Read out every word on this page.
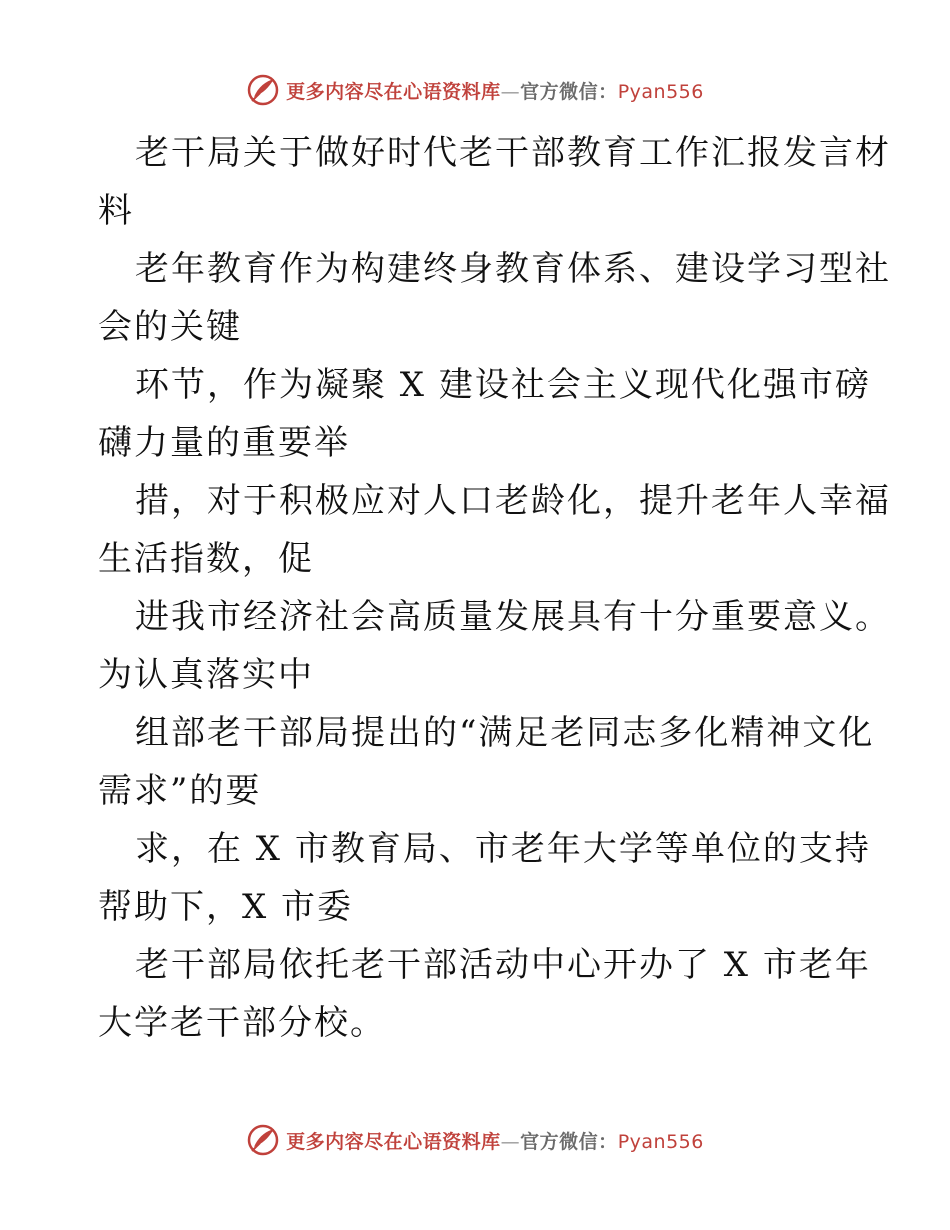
更多内容尽在心语资料库—官方微信：Pyan556
老干局关于做好时代老干部教育工作汇报发言材
料
老年教育作为构建终身教育体系、建设学习型社
会的关键
环节，作为凝聚 X 建设社会主义现代化强市磅
礴力量的重要举
措，对于积极应对人口老龄化，提升老年人幸福
生活指数，促
进我市经济社会高质量发展具有十分重要意义。
为认真落实中
组部老干部局提出的“满足老同志多化精神文化
需求”的要
求，在 X 市教育局、市老年大学等单位的支持
帮助下，X 市委
老干部局依托老干部活动中心开办了 X 市老年
大学老干部分校。
更多内容尽在心语资料库—官方微信：Pyan556
